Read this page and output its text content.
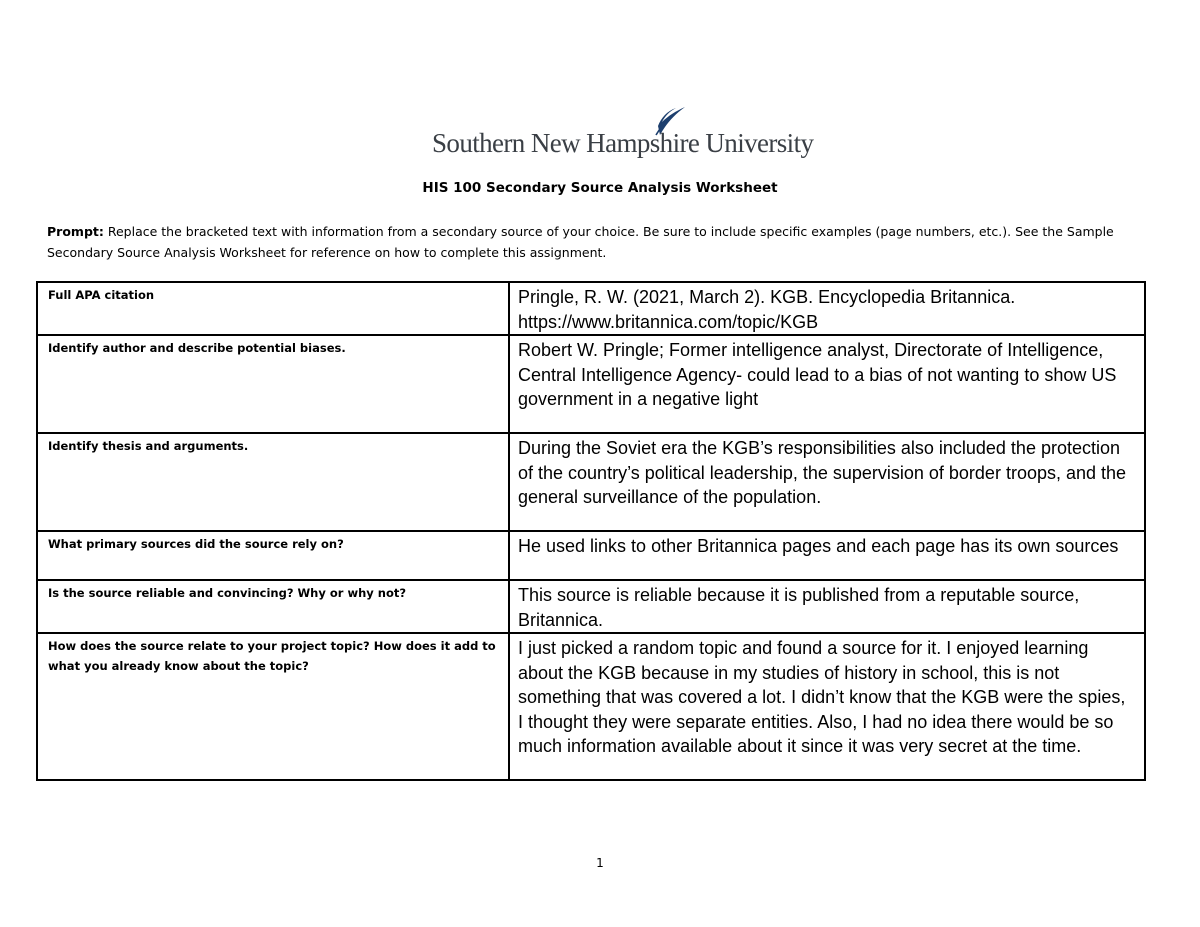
Southern New Hampshire University
HIS 100 Secondary Source Analysis Worksheet
Prompt: Replace the bracketed text with information from a secondary source of your choice. Be sure to include specific examples (page numbers, etc.). See the Sample Secondary Source Analysis Worksheet for reference on how to complete this assignment.
Full APA citation	Pringle, R. W. (2021, March 2). KGB. Encyclopedia Britannica. https://www.britannica.com/topic/KGB
Identify author and describe potential biases.	Robert W. Pringle; Former intelligence analyst, Directorate of Intelligence, Central Intelligence Agency- could lead to a bias of not wanting to show US government in a negative light
Identify thesis and arguments.	During the Soviet era the KGB’s responsibilities also included the protection of the country’s political leadership, the supervision of border troops, and the general surveillance of the population.
What primary sources did the source rely on?	He used links to other Britannica pages and each page has its own sources
Is the source reliable and convincing? Why or why not?	This source is reliable because it is published from a reputable source, Britannica.
How does the source relate to your project topic? How does it add to what you already know about the topic?	I just picked a random topic and found a source for it. I enjoyed learning about the KGB because in my studies of history in school, this is not something that was covered a lot. I didn’t know that the KGB were the spies, I thought they were separate entities. Also, I had no idea there would be so much information available about it since it was very secret at the time.
1
